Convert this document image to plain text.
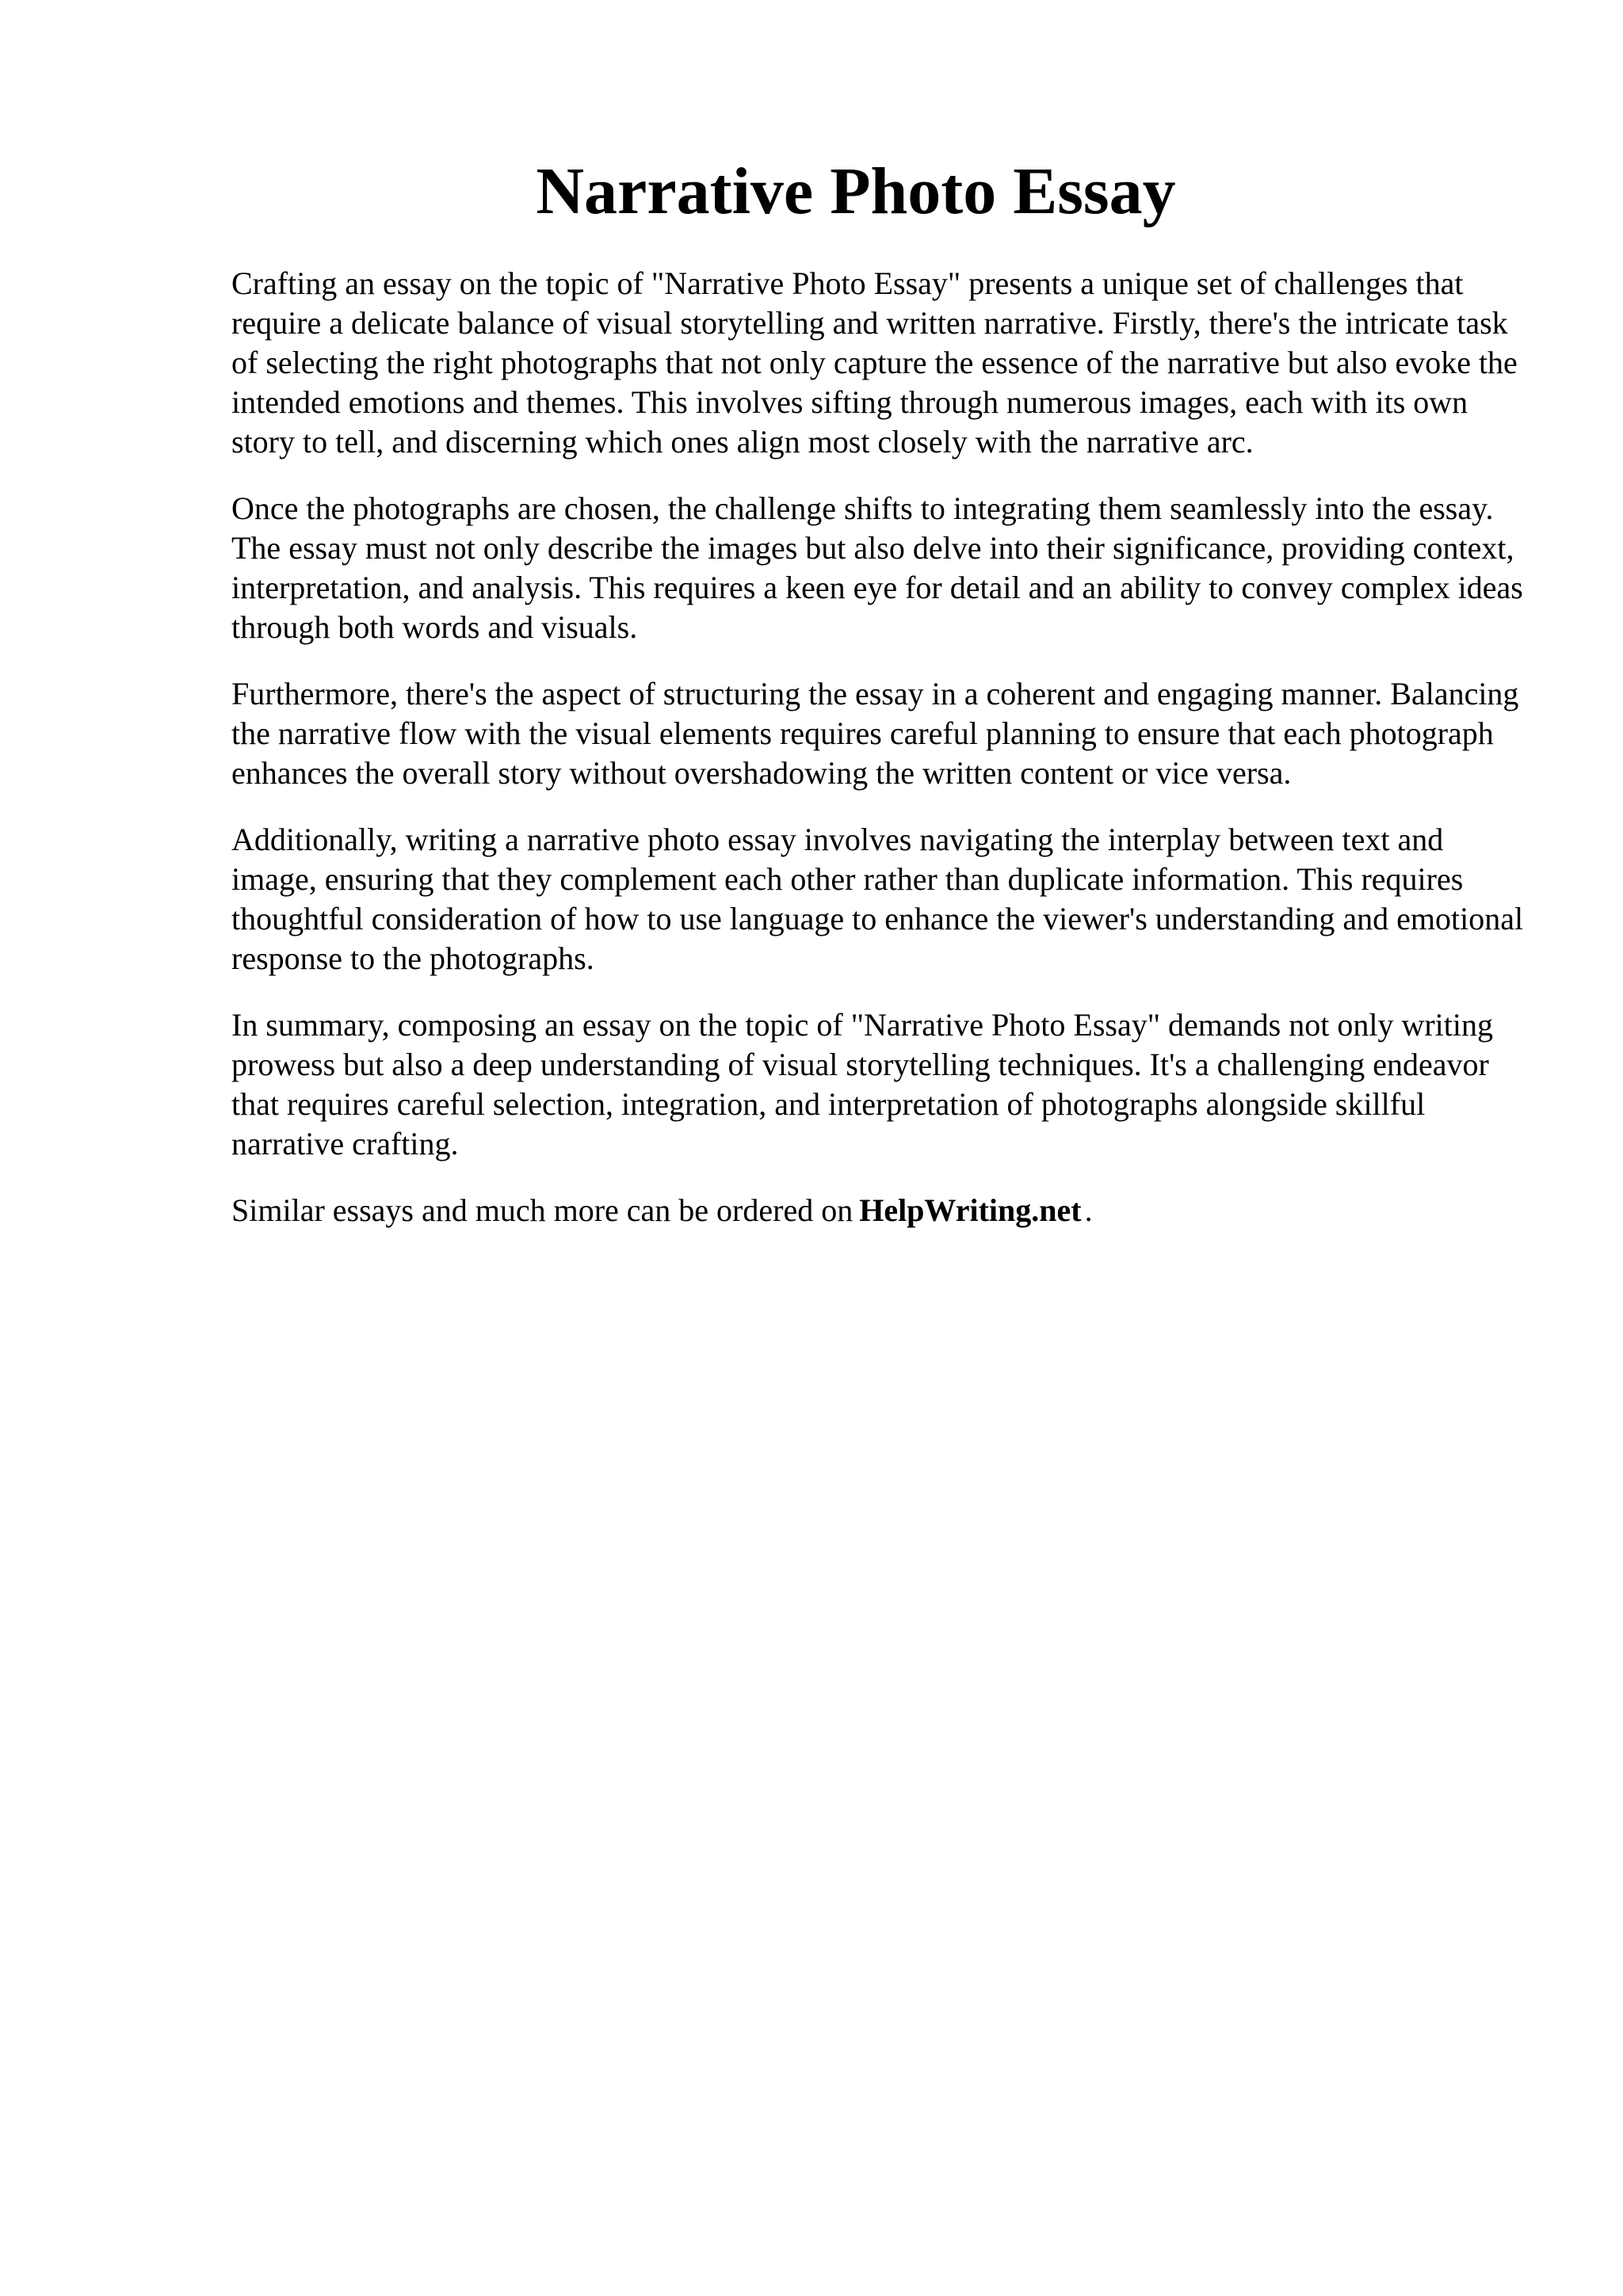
Narrative Photo Essay

Crafting an essay on the topic of "Narrative Photo Essay" presents a unique set of challenges that require a delicate balance of visual storytelling and written narrative. Firstly, there's the intricate task of selecting the right photographs that not only capture the essence of the narrative but also evoke the intended emotions and themes. This involves sifting through numerous images, each with its own story to tell, and discerning which ones align most closely with the narrative arc.

Once the photographs are chosen, the challenge shifts to integrating them seamlessly into the essay. The essay must not only describe the images but also delve into their significance, providing context, interpretation, and analysis. This requires a keen eye for detail and an ability to convey complex ideas through both words and visuals.

Furthermore, there's the aspect of structuring the essay in a coherent and engaging manner. Balancing the narrative flow with the visual elements requires careful planning to ensure that each photograph enhances the overall story without overshadowing the written content or vice versa.

Additionally, writing a narrative photo essay involves navigating the interplay between text and image, ensuring that they complement each other rather than duplicate information. This requires thoughtful consideration of how to use language to enhance the viewer's understanding and emotional response to the photographs.

In summary, composing an essay on the topic of "Narrative Photo Essay" demands not only writing prowess but also a deep understanding of visual storytelling techniques. It's a challenging endeavor that requires careful selection, integration, and interpretation of photographs alongside skillful narrative crafting.

Similar essays and much more can be ordered on HelpWriting.net .
